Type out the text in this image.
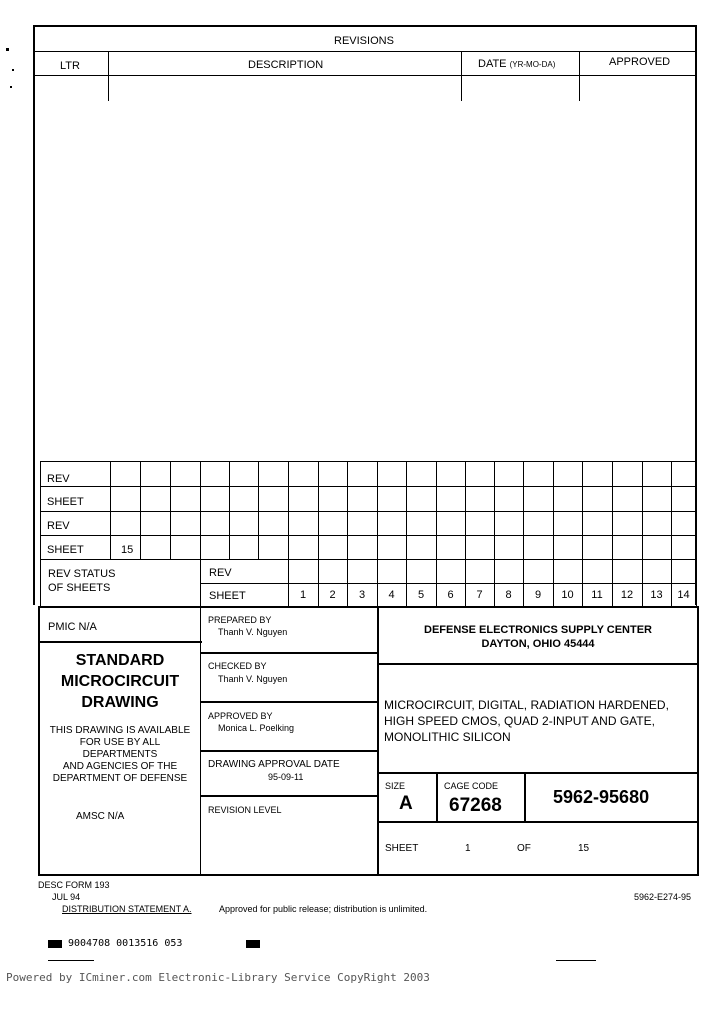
REVISIONS
LTR	DESCRIPTION	DATE (YR-MO-DA)	APPROVED
REV
SHEET
REV
SHEET	15
REV STATUS
OF SHEETS
REV
SHEET	1	2	3	4	5	6	7	8	9	10	11	12	13	14
PMIC N/A
STANDARD
MICROCIRCUIT
DRAWING
THIS DRAWING IS AVAILABLE
FOR USE BY ALL
DEPARTMENTS
AND AGENCIES OF THE
DEPARTMENT OF DEFENSE
AMSC N/A
PREPARED BY
Thanh V. Nguyen
CHECKED BY
Thanh V. Nguyen
APPROVED BY
Monica L. Poelking
DRAWING APPROVAL DATE
95-09-11
REVISION LEVEL
DEFENSE ELECTRONICS SUPPLY CENTER
DAYTON, OHIO 45444
MICROCIRCUIT, DIGITAL, RADIATION HARDENED,
HIGH SPEED CMOS, QUAD 2-INPUT AND GATE,
MONOLITHIC SILICON
SIZE
A
CAGE CODE
67268	5962-95680
SHEET	1	OF	15
DESC FORM 193
JUL 94
DISTRIBUTION STATEMENT A.	Approved for public release; distribution is unlimited.
5962-E274-95
9004708 0013516 053
Powered by ICminer.com Electronic-Library Service CopyRight 2003
